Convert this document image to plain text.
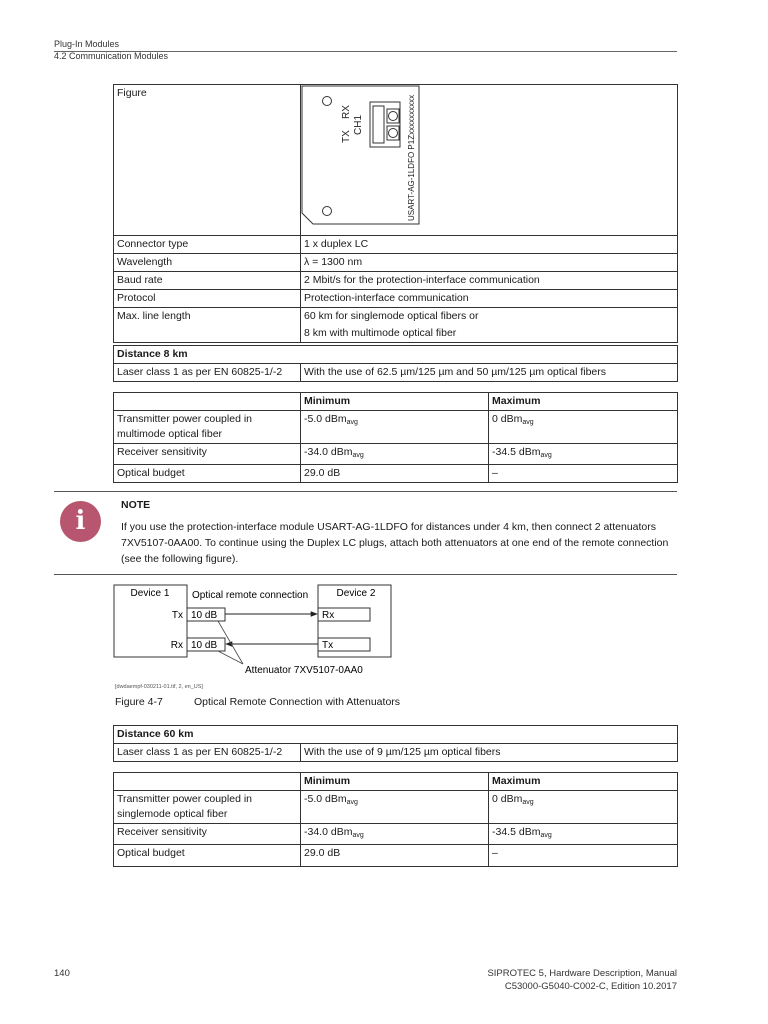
Plug-In Modules
4.2 Communication Modules
Figure	TX
RX
CH1 USART-AG-1LDFO P1Zxxxxxxxxxx

Connector type	1 x duplex LC
Wavelength	λ = 1300 nm
Baud rate	2 Mbit/s for the protection-interface communication
Protocol	Protection-interface communication
Max. line length	60 km for singlemode optical fibers or
8 km with multimode optical fiber
Distance 8 km
Laser class 1 as per EN 60825-1/-2	With the use of 62.5 µm/125 µm and 50 µm/125 µm optical fibers
	Minimum	Maximum
Transmitter power coupled in multimode optical fiber	-5.0 dBm$_{avg}$	0 dBm$_{avg}$
Receiver sensitivity	-34.0 dBm$_{avg}$	-34.5 dBm$_{avg}$
Optical budget	29.0 dB	–
i
NOTE
If you use the protection-interface module USART-AG-1LDFO for distances under 4 km, then connect 2 attenuators 7XV5107-0AA00. To continue using the Duplex LC plugs, attach both attenuators at one end of the remote connection (see the following figure).
Device 1	Device 2
Optical remote connection
Tx
Rx
10 dB
10 dB
Rx
Tx
Attenuator 7XV5107-0AA0
[dwdaempf-030211-01.tif, 2, en_US]
Figure 4-7	Optical Remote Connection with Attenuators
Distance 60 km
Laser class 1 as per EN 60825-1/-2	With the use of 9 µm/125 µm optical fibers
	Minimum	Maximum
Transmitter power coupled in singlemode optical fiber	-5.0 dBm$_{avg}$	0 dBm$_{avg}$
Receiver sensitivity	-34.0 dBm$_{avg}$	-34.5 dBm$_{avg}$
Optical budget	29.0 dB	–
140	SIPROTEC 5, Hardware Description, Manual
C53000-G5040-C002-C, Edition 10.2017
